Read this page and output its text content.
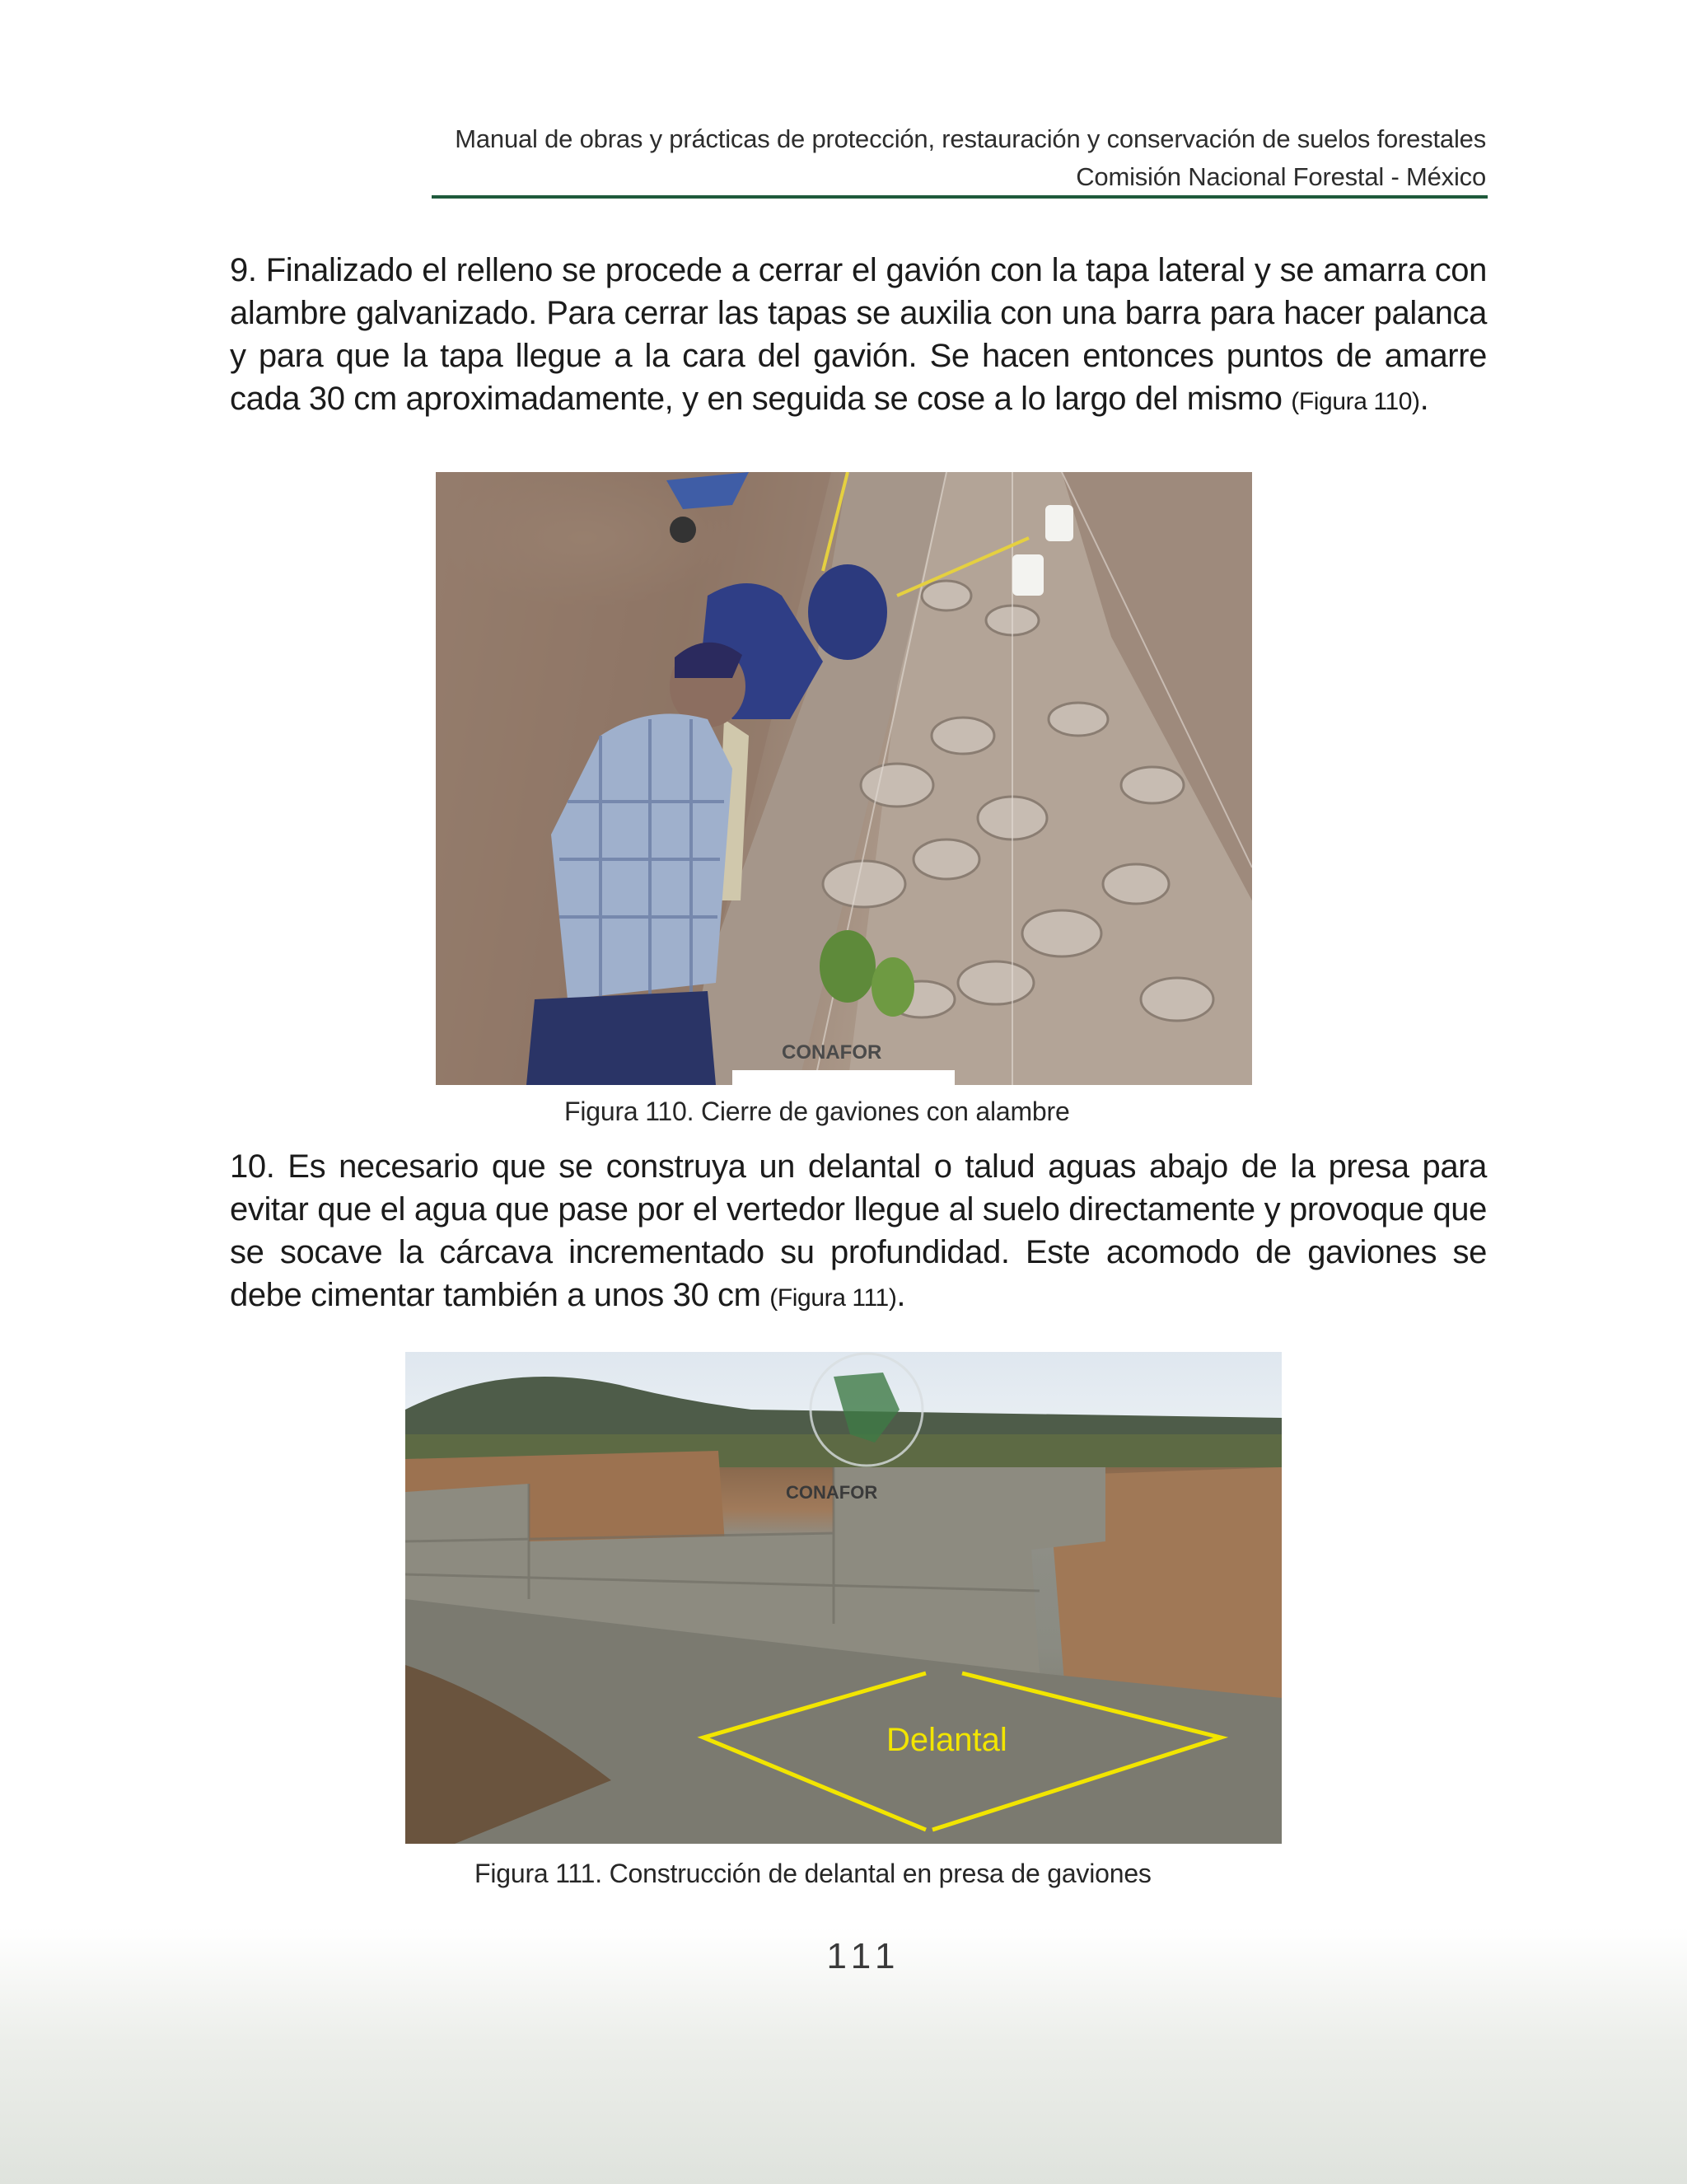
Manual de obras y prácticas de protección, restauración y conservación de suelos forestales
Comisión Nacional Forestal - México

9. Finalizado el relleno se procede a cerrar el gavión con la tapa lateral y se amarra con alambre galvanizado. Para cerrar las tapas se auxilia con una barra para hacer palanca y para que la tapa llegue a la cara del gavión. Se hacen entonces puntos de amarre cada 30 cm aproximadamente, y en seguida se cose a lo largo del mismo (Figura 110).

CONAFOR
Figura 110. Cierre de gaviones con alambre

10. Es necesario que se construya un delantal o talud aguas abajo de la presa para evitar que el agua que pase por el vertedor llegue al suelo directamente y provoque que se socave la cárcava incrementado su profundidad. Este acomodo de gaviones se debe cimentar también a unos 30 cm (Figura 111).

CONAFOR
Delantal
Figura 111. Construcción de delantal en presa de gaviones
111
